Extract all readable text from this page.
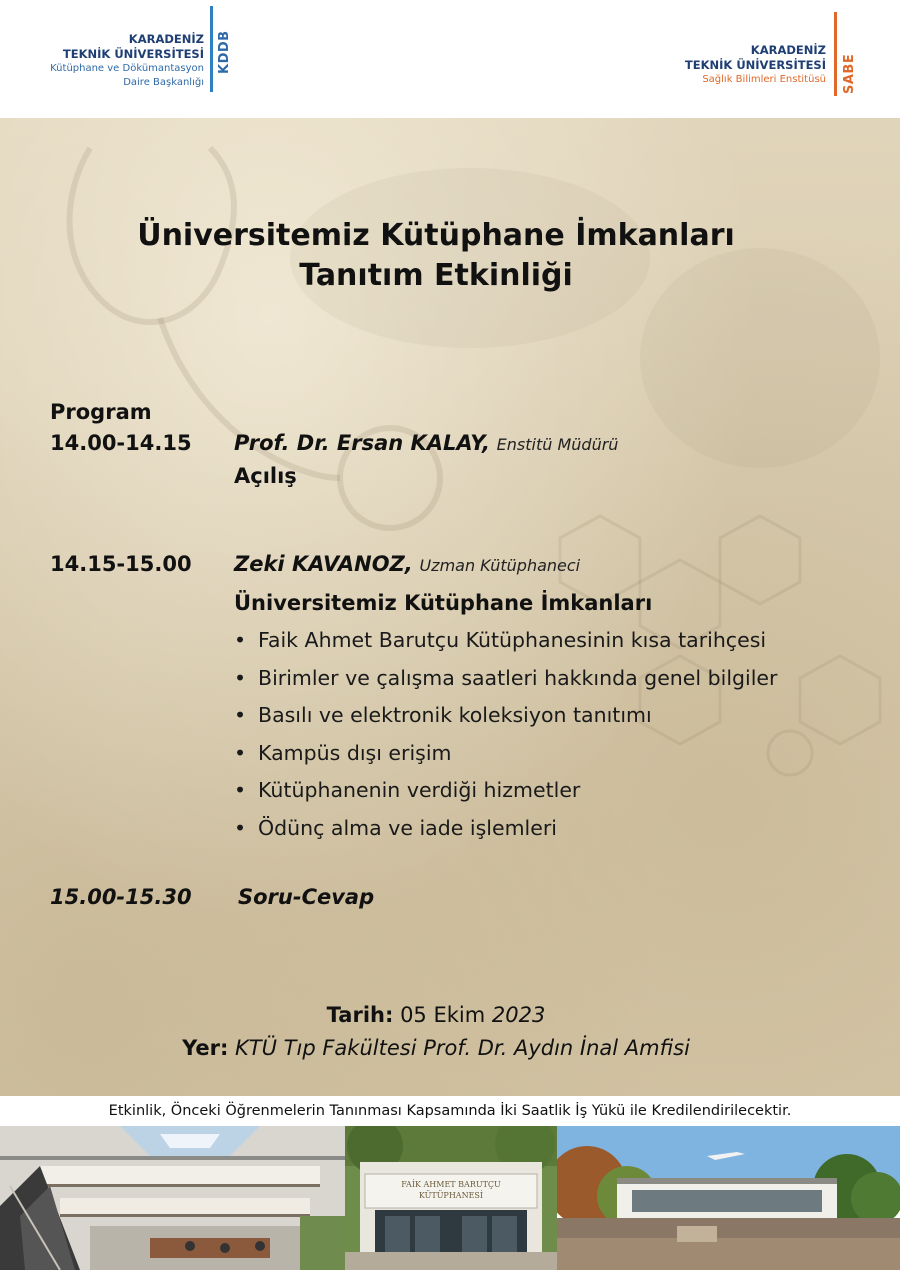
KARADENİZ
TEKNİK ÜNİVERSİTESİ
Kütüphane ve Dökümantasyon
Daire Başkanlığı
KDDB	KARADENİZ
TEKNİK ÜNİVERSİTESİ
Sağlık Bilimleri Enstitüsü SABE
Üniversitemiz Kütüphane İmkanları
Tanıtım Etkinliği
Program
14.00-14.15 Prof. Dr. Ersan KALAY, Enstitü Müdürü
Açılış
14.15-15.00 Zeki KAVANOZ, Uzman Kütüphaneci
Üniversitemiz Kütüphane İmkanları
• Faik Ahmet Barutçu Kütüphanesinin kısa tarihçesi
• Birimler ve çalışma saatleri hakkında genel bilgiler
• Basılı ve elektronik koleksiyon tanıtımı
• Kampüs dışı erişim
• Kütüphanenin verdiği hizmetler
• Ödünç alma ve iade işlemleri
15.00-15.30 Soru-Cevap
Tarih: 05 Ekim 2023
Yer: KTÜ Tıp Fakültesi Prof. Dr. Aydın İnal Amfisi
Etkinlik, Önceki Öğrenmelerin Tanınması Kapsamında İki Saatlik İş Yükü ile Kredilendirilecektir.
FAİK AHMET BARUTÇU
KÜTÜPHANESİ
